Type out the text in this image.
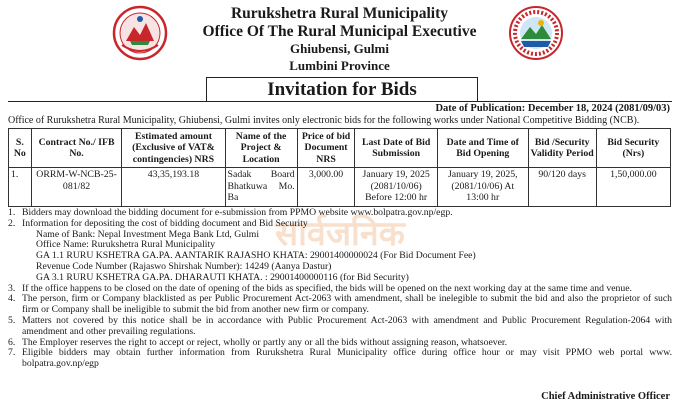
Rurukshetra Rural Municipality
Office Of The Rural Municipal Executive
Ghiubensi, Gulmi
Lumbini Province
Invitation for Bids
Date of Publication: December 18, 2024 (2081/09/03)
Office of Rurukshetra Rural Municipality, Ghiubensi, Gulmi invites only electronic bids for the following works under National Competitive Bidding (NCB).
सार्वजनिक
S. No	Contract No./ IFB No.	Estimated amount (Exclusive of VAT& contingencies) NRS	Name of the Project & Location	Price of bid Document NRS	Last Date of Bid Submission	Date and Time of Bid Opening	Bid /Security Validity Period	Bid Security (Nrs)
1.	ORRM-W-NCB-25-081/82	43,35,193.18	Sadak Board Bhatkuwa Mo. Ba	3,000.00	January 19, 2025 (2081/10/06) Before 12:00 hr	January 19, 2025, (2081/10/06) At 13:00 hr	90/120 days	1,50,000.00
1. Bidders may download the bidding document for e-submission from PPMO website www.bolpatra.gov.np/egp.
2. Information for depositing the cost of bidding document and Bid Security
Name of Bank: Nepal Investment Mega Bank Ltd, Gulmi
Office Name: Rurukshetra Rural Municipality
GA 1.1 RURU KSHETRA GA.PA. AANTARIK RAJASHO KHATA: 29001400000024 (For Bid Document Fee)
Revenue Code Number (Rajaswo Shirshak Number): 14249 (Aanya Dastur)
GA 3.1 RURU KSHETRA GA.PA. DHARAUTI KHATA. : 29001400000116 (for Bid Security)
3. If the office happens to be closed on the date of opening of the bids as specified, the bids will be opened on the next working day at the same time and venue.
4. The person, firm or Company blacklisted as per Public Procurement Act-2063 with amendment, shall be inelegible to submit the bid and also the proprietor of such firm or Company shall be ineligible to submit the bid from another new firm or company.
5. Matters not covered by this notice shall be in accordance with Public Procurement Act-2063 with amendment and Public Procurement Regulation-2064 with amendment and other prevailing regulations.
6. The Employer reserves the right to accept or reject, wholly or partly any or all the bids without assigning reason, whatsoever.
7. Eligible bidders may obtain further information from Rurukshetra Rural Municipality office during office hour or may visit PPMO web portal www. bolpatra.gov.np/egp
Chief Administrative Officer
